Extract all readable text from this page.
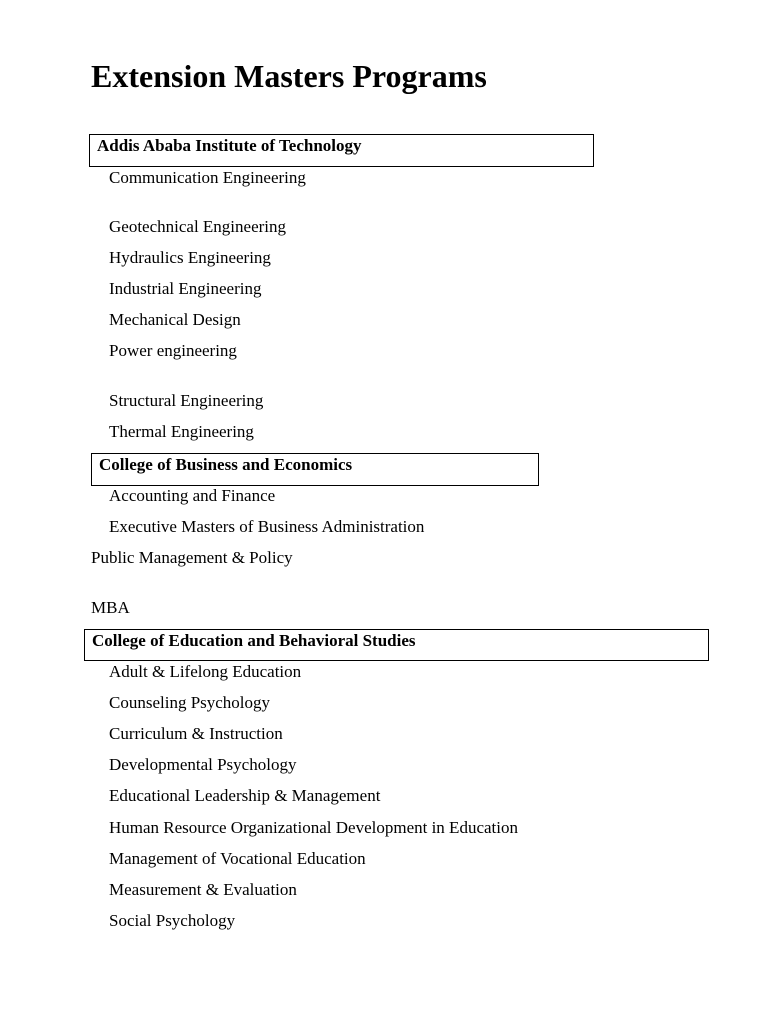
Extension Masters Programs
Addis Ababa Institute of Technology
Communication Engineering
Geotechnical Engineering
Hydraulics Engineering
Industrial Engineering
Mechanical Design
Power engineering
Structural Engineering
Thermal Engineering
College of Business and Economics
Accounting and Finance
Executive Masters of Business Administration
Public Management & Policy
MBA
College of Education and Behavioral Studies
Adult & Lifelong Education
Counseling Psychology
Curriculum & Instruction
Developmental Psychology
Educational Leadership & Management
Human Resource Organizational Development in Education
Management of Vocational Education
Measurement & Evaluation
Social Psychology
